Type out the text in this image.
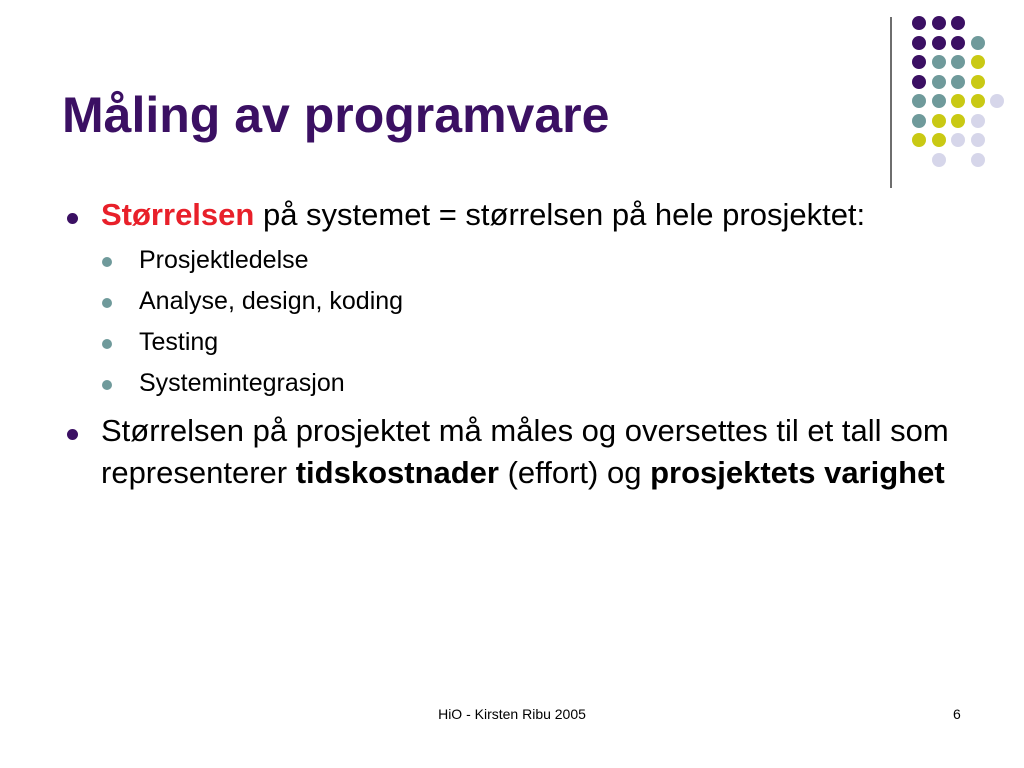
Måling av programvare
Størrelsen på systemet = størrelsen på hele prosjektet:
Prosjektledelse
Analyse, design, koding
Testing
Systemintegrasjon
Størrelsen på prosjektet må måles og oversettes til et tall som representerer tidskostnader (effort) og prosjektets varighet
HiO - Kirsten Ribu 2005	6
